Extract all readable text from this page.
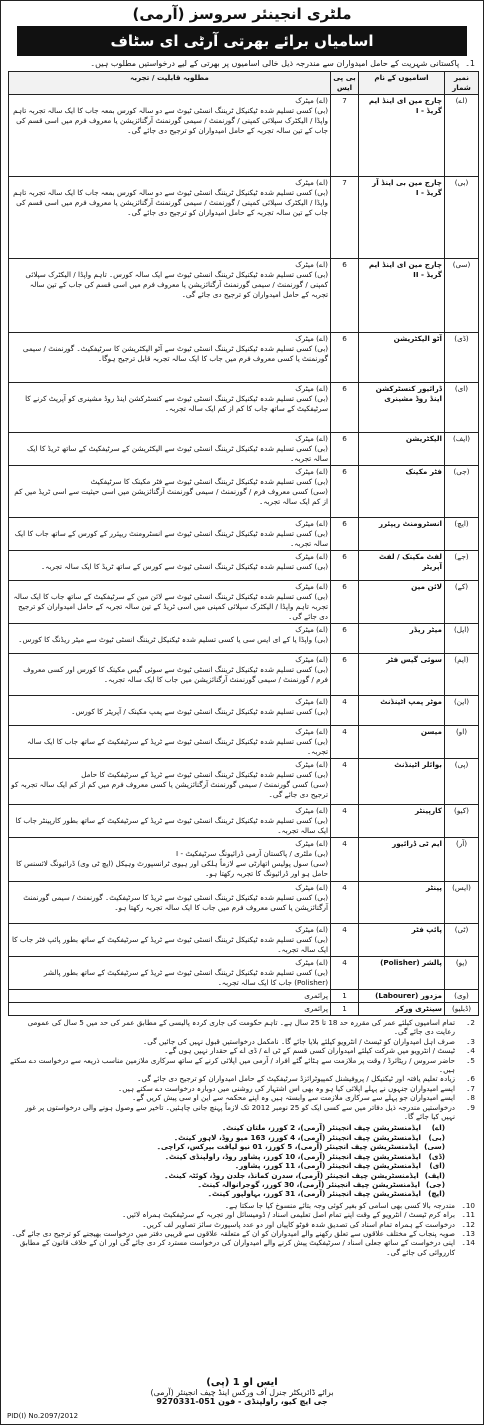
ملٹری انجینئر سروسز (آرمی)
اسامیاں برائے بھرتی آرٹی ای سٹاف
1۔
پاکستانی شہریت کے حامل امیدواران سے مندرجہ ذیل خالی اسامیوں پر بھرتی کے لیے درخواستیں مطلوب ہیں۔
نمبر شمار	اسامیوں کے نام	بی پی ایس	مطلوبہ قابلیت / تجربہ
(اے)	چارج مین ای اینڈ ایم گریڈ - I	7	(اے) میٹرک
(بی) کسی تسلیم شدہ ٹیکنیکل ٹریننگ انسٹی ٹیوٹ سے دو سالہ کورس بمعہ جاب کا ایک سالہ تجربہ تاہم واپڈا / الیکٹرک سپلائی کمپنی / گورنمنٹ / سیمی گورنمنٹ آرگنائزیشن یا معروف فرم میں اسی قسم کی جاب کے تین سالہ تجربہ کے حامل امیدواران کو ترجیح دی جائے گی۔

(بی)	چارج مین بی اینڈ آر گریڈ - I	7	(اے) میٹرک
(بی) کسی تسلیم شدہ ٹیکنیکل ٹریننگ انسٹی ٹیوٹ سے دو سالہ کورس بمعہ جاب کا ایک سالہ تجربہ تاہم واپڈا / الیکٹرک سپلائی کمپنی / گورنمنٹ / سیمی گورنمنٹ آرگنائزیشن یا معروف فرم میں اسی قسم کی جاب کے تین سالہ تجربہ کے حامل امیدواران کو ترجیح دی جائے گی۔

(سی)	چارج مین ای اینڈ ایم گریڈ - II	6	(اے) میٹرک
(بی) کسی تسلیم شدہ ٹیکنیکل ٹریننگ انسٹی ٹیوٹ سے ایک سالہ کورس۔ تاہم واپڈا / الیکٹرک سپلائی کمپنی / گورنمنٹ / سیمی گورنمنٹ آرگنائزیشن یا معروف فرم میں اسی قسم کی جاب کے تین سالہ تجربہ کے حامل امیدواران کو ترجیح دی جائے گی۔

(ڈی)	آٹو الیکٹریشن	6	(اے) میٹرک
(بی) کسی تسلیم شدہ ٹیکنیکل ٹریننگ انسٹی ٹیوٹ سے آٹو الیکٹریشن کا سرٹیفکیٹ۔ گورنمنٹ / سیمی گورنمنٹ یا کسی معروف فرم میں جاب کا ایک سالہ تجربہ قابل ترجیح ہوگا۔

(ای)	ڈرائیور کنسٹرکشن اینڈ روڈ مشینری	6	(اے) میٹرک
(بی) کسی تسلیم شدہ ٹیکنیکل ٹریننگ انسٹی ٹیوٹ سے کنسٹرکشن اینڈ روڈ مشینری کو آپریٹ کرنے کا سرٹیفکیٹ کے ساتھ جاب کا کم از کم ایک سالہ تجربہ۔

(ایف)	الیکٹریشن	6	(اے) میٹرک
(بی) کسی تسلیم شدہ ٹیکنیکل ٹریننگ انسٹی ٹیوٹ سے الیکٹریشن کے سرٹیفکیٹ کے ساتھ ٹریڈ کا ایک سالہ تجربہ۔

(جی)	فٹر مکینک	6	(اے) میٹرک
(بی) کسی تسلیم شدہ ٹیکنیکل ٹریننگ انسٹی ٹیوٹ سے فٹر مکینک کا سرٹیفکیٹ
(سی) کسی معروف فرم / گورنمنٹ / سیمی گورنمنٹ آرگنائزیشن میں اسی حیثیت سے اسی ٹریڈ میں کم از کم ایک سالہ تجربہ۔

(ایچ)	انسٹرومنٹ ریپئرر	6	(اے) میٹرک
(بی) کسی تسلیم شدہ ٹیکنیکل ٹریننگ انسٹی ٹیوٹ سے انسٹرومنٹ ریپئرر کے کورس کے ساتھ جاب کا ایک سالہ تجربہ۔

(جے)	لفٹ مکینک / لفٹ آپریٹر	6	(اے) میٹرک
(بی) کسی تسلیم شدہ ٹیکنیکل ٹریننگ انسٹی ٹیوٹ سے کورس کے ساتھ ٹریڈ کا ایک سالہ تجربہ۔

(کے)	لائن مین	6	(اے) میٹرک
(بی) کسی تسلیم شدہ ٹیکنیکل ٹریننگ انسٹی ٹیوٹ سے لائن مین کے سرٹیفکیٹ کے ساتھ جاب کا ایک سالہ تجربہ تاہم واپڈا / الیکٹرک سپلائی کمپنی میں اسی ٹریڈ کے تین سالہ تجربہ کے حامل امیدواران کو ترجیح دی جائے گی۔

(ایل)	میٹر ریڈر	6	(اے) میٹرک
(بی) واپڈا یا کے ای ایس سی یا کسی تسلیم شدہ ٹیکنیکل ٹریننگ انسٹی ٹیوٹ سے میٹر ریڈنگ کا کورس۔

(ایم)	سوئی گیس فٹر	6	(اے) میٹرک
(بی) کسی تسلیم شدہ ٹیکنیکل ٹریننگ انسٹی ٹیوٹ سے سوئی گیس مکینک کا کورس اور کسی معروف فرم / گورنمنٹ / سیمی گورنمنٹ آرگنائزیشن میں جاب کا ایک سالہ تجربہ۔

(این)	موٹر پمپ اٹینڈنٹ	4	(اے) میٹرک
(بی) کسی تسلیم شدہ ٹیکنیکل ٹریننگ انسٹی ٹیوٹ سے پمپ مکینک / آپریٹر کا کورس۔

(او)	میسن	4	(اے) میٹرک
(بی) کسی تسلیم شدہ ٹیکنیکل ٹریننگ انسٹی ٹیوٹ سے ٹریڈ کے سرٹیفکیٹ کے ساتھ جاب کا ایک سالہ تجربہ۔

(پی)	بوائلر اٹینڈنٹ	4	(اے) میٹرک
(بی) کسی تسلیم شدہ ٹیکنیکل ٹریننگ انسٹی ٹیوٹ سے ٹریڈ کے سرٹیفکیٹ کا حامل
(سی) کسی گورنمنٹ / سیمی گورنمنٹ آرگنائزیشن یا کسی معروف فرم میں کم از کم ایک سالہ تجربہ کو ترجیح دی جائے گی۔

(کیو)	کارپینٹر	4	(اے) میٹرک
(بی) کسی تسلیم شدہ ٹیکنیکل ٹریننگ انسٹی ٹیوٹ سے ٹریڈ کے سرٹیفکیٹ کے ساتھ بطور کارپینٹر جاب کا ایک سالہ تجربہ۔

(آر)	ایم ٹی ڈرائیور	4	(اے) میٹرک
(بی) ملٹری / پاکستان آرمی ڈرائیونگ سرٹیفکیٹ - I
(سی) سول پولیس اتھارٹی سے لازماً ہلکی اور ہیوی ٹرانسپورٹ وہیکل (ایچ ٹی وی) ڈرائیونگ لائسنس کا حامل ہو اور ڈرائیونگ کا تجربہ رکھتا ہو۔

(ایس)	پینٹر	4	(اے) میٹرک
(بی) کسی تسلیم شدہ ٹیکنیکل ٹریننگ انسٹی ٹیوٹ سے ٹریڈ کا سرٹیفکیٹ۔ گورنمنٹ / سیمی گورنمنٹ آرگنائزیشن یا کسی معروف فرم میں جاب کا ایک سالہ تجربہ رکھتا ہو۔

(ٹی)	پائپ فٹر	4	(اے) میٹرک
(بی) کسی تسلیم شدہ ٹیکنیکل ٹریننگ انسٹی ٹیوٹ سے ٹریڈ کے سرٹیفکیٹ کے ساتھ بطور پائپ فٹر جاب کا ایک سالہ تجربہ۔

(یو)	پالشر (Polisher)	4	(اے) میٹرک
(بی) کسی تسلیم شدہ ٹیکنیکل ٹریننگ انسٹی ٹیوٹ سے ٹریڈ کے سرٹیفکیٹ کے ساتھ بطور پالشر (Polisher) جاب کا ایک سالہ تجربہ۔

(وی)	مزدور (Labourer)	1	پرائمری

(ڈبلیو)	سینٹری ورکر	1	پرائمری
2۔
تمام اسامیوں کیلئے عمر کی مقررہ حد 18 تا 25 سال ہے۔ تاہم حکومت کی جاری کردہ پالیسی کے مطابق عمر کی حد میں 5 سال کی عمومی رعایت دی جائے گی۔
3۔
صرف اہل امیدواران کو ٹیسٹ / انٹرویو کیلئے بلایا جائے گا۔ نامکمل درخواستیں قبول نہیں کی جائیں گی۔
4۔
ٹیسٹ / انٹرویو میں شرکت کیلئے امیدواران کسی قسم کے ٹی اے / ڈی اے کے حقدار نہیں ہوں گے۔
5۔
حاضر سروس / ریٹائرڈ / وقت پر ملازمت سے ہٹائے گئے افراد / آرمی میں اپلائی کرنے کے ساتھ سرکاری ملازمین مناسب ذریعہ سے درخواست دے سکتے ہیں۔
6۔
زیادہ تعلیم یافتہ اور ٹیکنیکل / پروفیشنل کمپیوٹرائزڈ سرٹیفکیٹ کے حامل امیدواران کو ترجیح دی جائے گی۔
7۔
ایسے امیدواران جنہوں نے پہلے اپلائی کیا ہو وہ بھی اس اشتہار کی روشنی میں دوبارہ درخواست دے سکتے ہیں۔
8۔
ایسے امیدواران جو پہلے سے سرکاری ملازمت سے وابستہ ہیں وہ اپنے محکمہ سے این او سی پیش کریں گے۔
9۔
درخواستیں مندرجہ ذیل دفاتر میں سے کسی ایک کو 25 نومبر 2012 تک لازماً پہنچ جانی چاہئیں۔ تاخیر سے وصول ہونے والی درخواستوں پر غور نہیں کیا جائے گا۔
(اے)
ایڈمنسٹریشن چیف انجینئر (آرمی)، 2 کورز، ملتان کینٹ۔
(بی)
ایڈمنسٹریشن چیف انجینئر (آرمی)، 4 کورز، 163 میو روڈ، لاہور کینٹ۔
(سی)
ایڈمنسٹریشن چیف انجینئر (آرمی)، 5 کورز، 01 نیو لیافت بیرکس، کراچی۔
(ڈی)
ایڈمنسٹریشن چیف انجینئر (آرمی)، 10 کورز، پشاور روڈ، راولپنڈی کینٹ۔
(ای)
ایڈمنسٹریشن چیف انجینئر (آرمی)، 11 کورز، پشاور۔
(ایف)
ایڈمنسٹریشن چیف انجینئر (آرمی)، سدرن کمانڈ، جلدن روڈ، کوئٹہ کینٹ۔
(جی)
ایڈمنسٹریشن چیف انجینئر (آرمی)، 30 کورز، گوجرانوالہ کینٹ۔
(ایچ)
ایڈمنسٹریشن چیف انجینئر (آرمی)، 31 کورز، بہاولپور کینٹ۔
10۔
مندرجہ بالا کسی بھی اسامی کو بغیر کوئی وجہ بتائے منسوخ کیا جا سکتا ہے۔
11۔
براہ کرم ٹیسٹ / انٹرویو کے وقت اپنے تمام اصل تعلیمی اسناد / ڈومیسائل اور تجربہ کے سرٹیفکیٹ ہمراہ لائیں۔
12۔
درخواست کے ہمراہ تمام اسناد کی تصدیق شدہ فوٹو کاپیاں اور دو عدد پاسپورٹ سائز تصاویر لف کریں۔
13۔
صوبہ پنجاب کے مختلف علاقوں سے تعلق رکھنے والے امیدواران کو ان کے متعلقہ علاقوں سے قریبی دفتر میں درخواست بھیجنے کو ترجیح دی جائے گی۔
14۔
اپنی درخواست کے ساتھ جعلی اسناد / سرٹیفکیٹ پیش کرنے والے امیدواران کی درخواست مسترد کر دی جائے گی اور ان کے خلاف قانون کے مطابق کارروائی کی جائے گی۔
ایس او 1 (پی)
برائے ڈائریکٹر جنرل آف ورکس اینڈ چیف انجینئر (آرمی)
جی ایچ کیو، راولپنڈی - فون 051-9270331
PID(I) No.2097/2012
